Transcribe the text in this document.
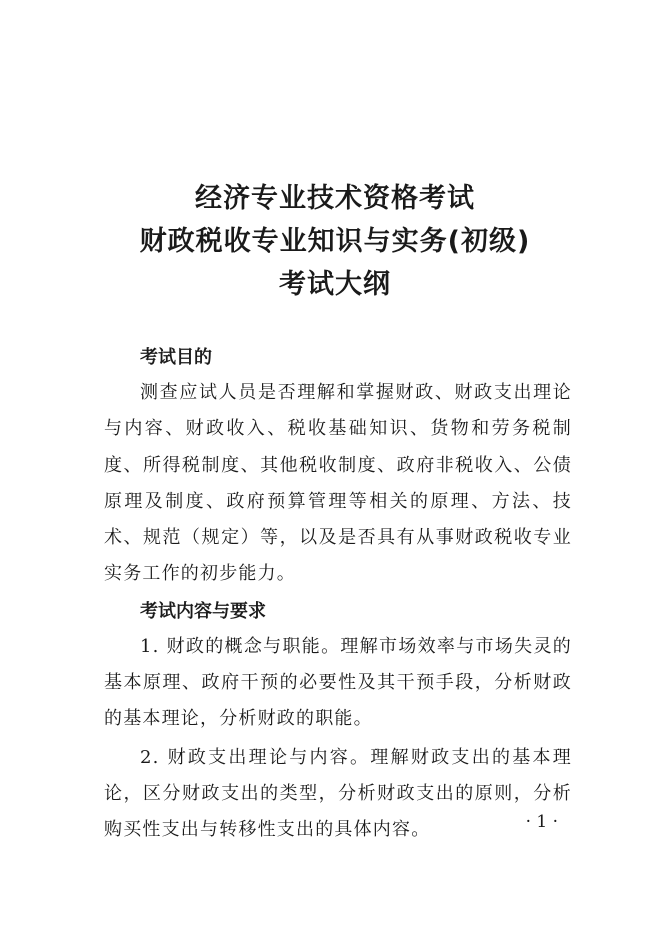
经济专业技术资格考试
财政税收专业知识与实务(初级)
考试大纲
考试目的

测查应试人员是否理解和掌握财政、财政支出理论与内容、财政收入、税收基础知识、货物和劳务税制度、所得税制度、其他税收制度、政府非税收入、公债原理及制度、政府预算管理等相关的原理、方法、技术、规范（规定）等，以及是否具有从事财政税收专业实务工作的初步能力。

考试内容与要求

1. 财政的概念与职能。理解市场效率与市场失灵的基本原理、政府干预的必要性及其干预手段，分析财政的基本理论，分析财政的职能。

2. 财政支出理论与内容。理解财政支出的基本理论，区分财政支出的类型，分析财政支出的原则，分析购买性支出与转移性支出的具体内容。	· 1 ·
